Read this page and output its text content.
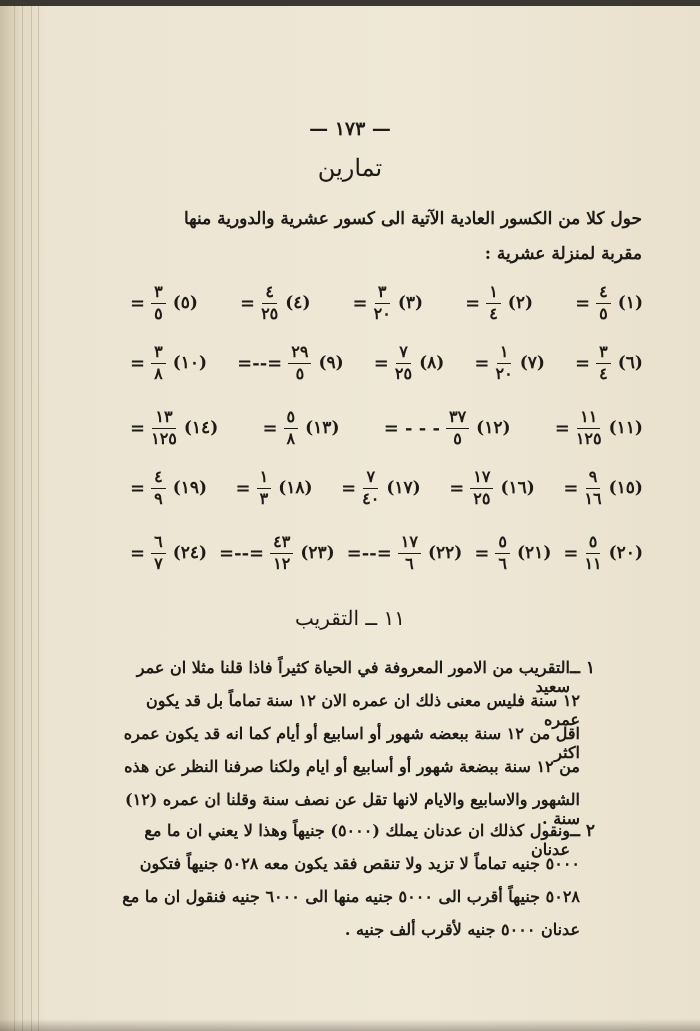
— ١٧٣ —
تمارين
حول كلا من الكسور العادية الآتية الى كسور عشرية والدورية منها
مقربة لمنزلة عشرية :
(١)
$\frac{٤}{٥}$
=
(٢)
$\frac{١}{٤}$
=
(٣)
$\frac{٣}{٢٠}$
=
(٤)
$\frac{٤}{٢٥}$
=
(٥)
$\frac{٣}{٥}$
=
(٦)
$\frac{٣}{٤}$
=
(٧)
$\frac{١}{٢٠}$
=
(٨)
$\frac{٧}{٢٥}$
=
(٩)
$\frac{٢٩}{٥}$
=--=
(١٠)
$\frac{٣}{٨}$
=
(١١)
$\frac{١١}{١٢٥}$
=
(١٢)
$\frac{٣٧}{٥}$
= - - -
(١٣)
$\frac{٥}{٨}$
=
(١٤)
$\frac{١٣}{١٢٥}$
=
(١٥)
$\frac{٩}{١٦}$
=
(١٦)
$\frac{١٧}{٢٥}$
=
(١٧)
$\frac{٧}{٤٠}$
=
(١٨)
$\frac{١}{٣}$
=
(١٩)
$\frac{٤}{٩}$
=
(٢٠)
$\frac{٥}{١١}$
=
(٢١)
$\frac{٥}{٦}$
=
(٢٢)
$\frac{١٧}{٦}$
=--=
(٢٣)
$\frac{٤٣}{١٢}$
=--=
(٢٤)
$\frac{٦}{٧}$
=
١١ ــ التقريب
١ ــ
التقريب من الامور المعروفة في الحياة كثيراً فاذا قلنا مثلا ان عمر سعيد
١٢ سنة فليس معنى ذلك ان عمره الان ١٢ سنة تماماً بل قد يكون عمره
اقل من ١٢ سنة ببعضه شهور أو اسابيع أو أيام كما انه قد يكون عمره اكثر
من ١٢ سنة ببضعة شهور أو أسابيع أو ايام ولكنا صرفنا النظر عن هذه
الشهور والاسابيع والايام لانها تقل عن نصف سنة وقلنا ان عمره (١٢) سنة .
٢ ــ
ونقول كذلك ان عدنان يملك (٥٠٠٠) جنيهاً وهذا لا يعني ان ما مع عدنان
٥٠٠٠ جنيه تماماً لا تزيد ولا تنقص فقد يكون معه ٥٠٢٨ جنيهاً فتكون
٥٠٢٨ جنيهاً أقرب الى ٥٠٠٠ جنيه منها الى ٦٠٠٠ جنيه فنقول ان ما مع
عدنان ٥٠٠٠ جنيه لأقرب ألف جنيه .
